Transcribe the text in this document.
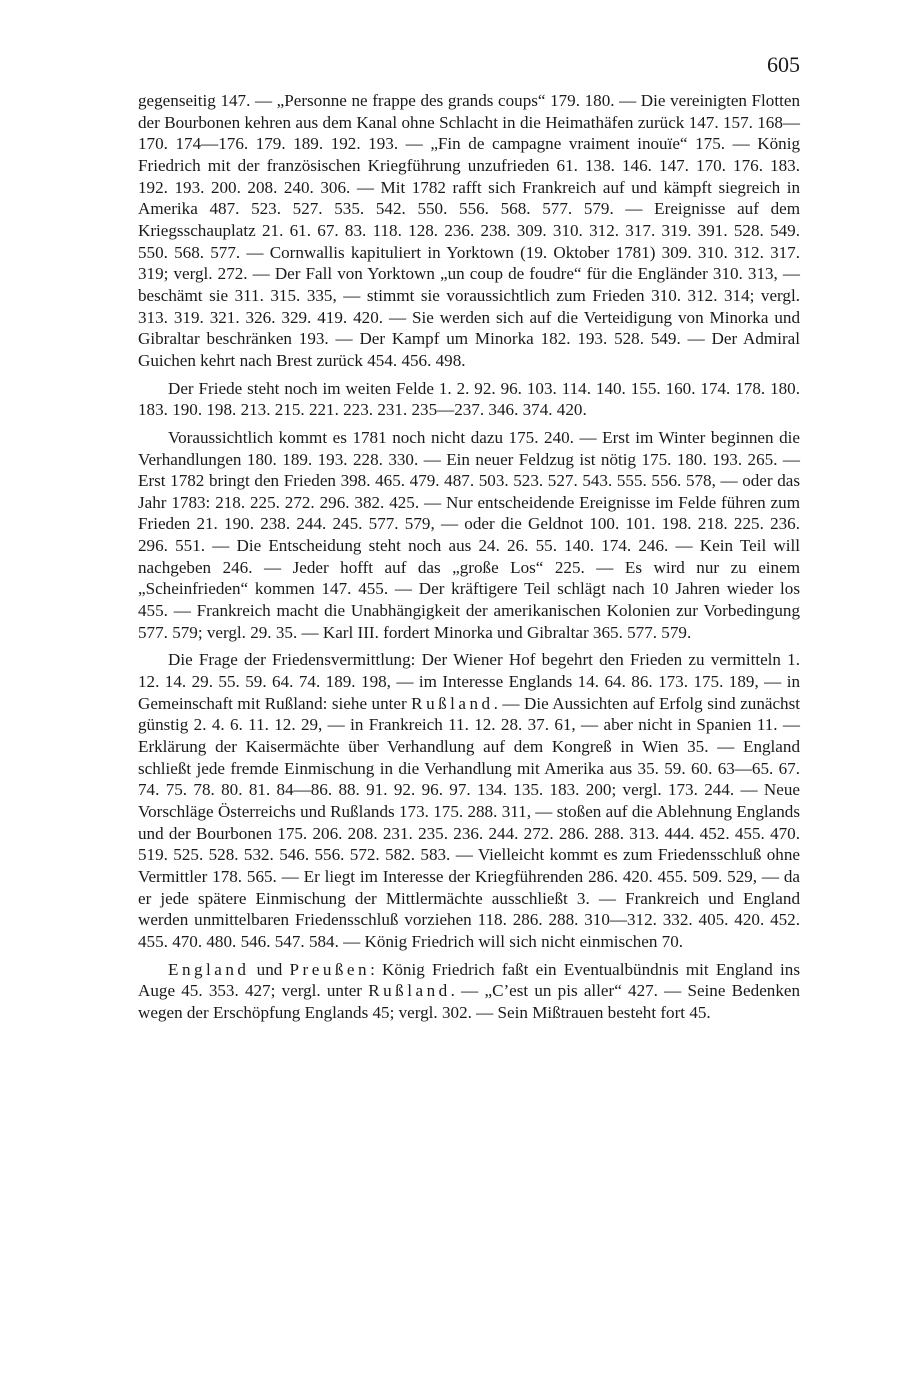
605

gegenseitig 147. — „Personne ne frappe des grands coups“ 179. 180. — Die vereinigten Flotten der Bourbonen kehren aus dem Kanal ohne Schlacht in die Heimathäfen zurück 147. 157. 168—170. 174—176. 179. 189. 192. 193. — „Fin de campagne vraiment inouïe“ 175. — König Friedrich mit der französischen Kriegführung unzufrieden 61. 138. 146. 147. 170. 176. 183. 192. 193. 200. 208. 240. 306. — Mit 1782 rafft sich Frankreich auf und kämpft siegreich in Amerika 487. 523. 527. 535. 542. 550. 556. 568. 577. 579. — Ereignisse auf dem Kriegsschauplatz 21. 61. 67. 83. 118. 128. 236. 238. 309. 310. 312. 317. 319. 391. 528. 549. 550. 568. 577. — Cornwallis kapituliert in Yorktown (19. Oktober 1781) 309. 310. 312. 317. 319; vergl. 272. — Der Fall von Yorktown „un coup de foudre“ für die Engländer 310. 313, — beschämt sie 311. 315. 335, — stimmt sie voraussichtlich zum Frieden 310. 312. 314; vergl. 313. 319. 321. 326. 329. 419. 420. — Sie werden sich auf die Verteidigung von Minorka und Gibraltar beschränken 193. — Der Kampf um Minorka 182. 193. 528. 549. — Der Admiral Guichen kehrt nach Brest zurück 454. 456. 498.

Der Friede steht noch im weiten Felde 1. 2. 92. 96. 103. 114. 140. 155. 160. 174. 178. 180. 183. 190. 198. 213. 215. 221. 223. 231. 235—237. 346. 374. 420.

Voraussichtlich kommt es 1781 noch nicht dazu 175. 240. — Erst im Winter beginnen die Verhandlungen 180. 189. 193. 228. 330. — Ein neuer Feldzug ist nötig 175. 180. 193. 265. — Erst 1782 bringt den Frieden 398. 465. 479. 487. 503. 523. 527. 543. 555. 556. 578, — oder das Jahr 1783: 218. 225. 272. 296. 382. 425. — Nur entscheidende Ereignisse im Felde führen zum Frieden 21. 190. 238. 244. 245. 577. 579, — oder die Geldnot 100. 101. 198. 218. 225. 236. 296. 551. — Die Entscheidung steht noch aus 24. 26. 55. 140. 174. 246. — Kein Teil will nachgeben 246. — Jeder hofft auf das „große Los“ 225. — Es wird nur zu einem „Scheinfrieden“ kommen 147. 455. — Der kräftigere Teil schlägt nach 10 Jahren wieder los 455. — Frankreich macht die Unabhängigkeit der amerikanischen Kolonien zur Vorbedingung 577. 579; vergl. 29. 35. — Karl III. fordert Minorka und Gibraltar 365. 577. 579.

Die Frage der Friedensvermittlung: Der Wiener Hof begehrt den Frieden zu vermitteln 1. 12. 14. 29. 55. 59. 64. 74. 189. 198, — im Interesse Englands 14. 64. 86. 173. 175. 189, — in Gemeinschaft mit Rußland: siehe unter Rußland. — Die Aussichten auf Erfolg sind zunächst günstig 2. 4. 6. 11. 12. 29, — in Frankreich 11. 12. 28. 37. 61, — aber nicht in Spanien 11. — Erklärung der Kaisermächte über Verhandlung auf dem Kongreß in Wien 35. — England schließt jede fremde Einmischung in die Verhandlung mit Amerika aus 35. 59. 60. 63—65. 67. 74. 75. 78. 80. 81. 84—86. 88. 91. 92. 96. 97. 134. 135. 183. 200; vergl. 173. 244. — Neue Vorschläge Österreichs und Rußlands 173. 175. 288. 311, — stoßen auf die Ablehnung Englands und der Bourbonen 175. 206. 208. 231. 235. 236. 244. 272. 286. 288. 313. 444. 452. 455. 470. 519. 525. 528. 532. 546. 556. 572. 582. 583. — Vielleicht kommt es zum Friedensschluß ohne Vermittler 178. 565. — Er liegt im Interesse der Kriegführenden 286. 420. 455. 509. 529, — da er jede spätere Einmischung der Mittlermächte ausschließt 3. — Frankreich und England werden unmittelbaren Friedensschluß vorziehen 118. 286. 288. 310—312. 332. 405. 420. 452. 455. 470. 480. 546. 547. 584. — König Friedrich will sich nicht einmischen 70.

England und Preußen: König Friedrich faßt ein Eventualbündnis mit England ins Auge 45. 353. 427; vergl. unter Rußland. — „C’est un pis aller“ 427. — Seine Bedenken wegen der Erschöpfung Englands 45; vergl. 302. — Sein Mißtrauen besteht fort 45.
